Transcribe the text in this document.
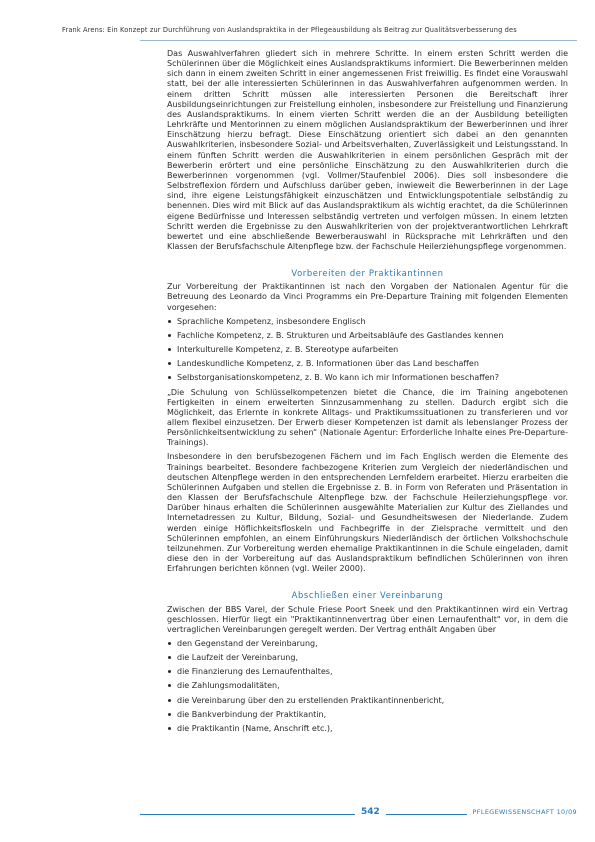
Frank Arens: Ein Konzept zur Durchführung von Auslandspraktika in der Pflegeausbildung als Beitrag zur Qualitätsverbesserung des

Das Auswahlverfahren gliedert sich in mehrere Schritte. In einem ersten Schritt werden die Schülerinnen über die Möglichkeit eines Auslandspraktikums informiert. Die Bewerberinnen melden sich dann in einem zweiten Schritt in einer angemessenen Frist freiwillig. Es findet eine Vorauswahl statt, bei der alle interessierten Schülerinnen in das Auswahlverfahren aufgenommen werden. In einem dritten Schritt müssen alle interessierten Personen die Bereitschaft ihrer Ausbildungseinrichtungen zur Freistellung einholen, insbesondere zur Freistellung und Finanzierung des Auslandspraktikums. In einem vierten Schritt werden die an der Ausbildung beteiligten Lehrkräfte und Mentorinnen zu einem möglichen Auslandspraktikum der Bewerberinnen und ihrer Einschätzung hierzu befragt. Diese Einschätzung orientiert sich dabei an den genannten Auswahlkriterien, insbesondere Sozial- und Arbeitsverhalten, Zuverlässigkeit und Leistungsstand. In einem fünften Schritt werden die Auswahlkriterien in einem persönlichen Gespräch mit der Bewerberin erörtert und eine persönliche Einschätzung zu den Auswahlkriterien durch die Bewerberinnen vorgenommen (vgl. Vollmer/Staufenbiel 2006). Dies soll insbesondere die Selbstreflexion fördern und Aufschluss darüber geben, inwieweit die Bewerberinnen in der Lage sind, ihre eigene Leistungsfähigkeit einzuschätzen und Entwicklungspotentiale selbständig zu benennen. Dies wird mit Blick auf das Auslandspraktikum als wichtig erachtet, da die Schülerinnen eigene Bedürfnisse und Interessen selbständig vertreten und verfolgen müssen. In einem letzten Schritt werden die Ergebnisse zu den Auswahlkriterien von der projektverantwortlichen Lehrkraft bewertet und eine abschließende Bewerberauswahl in Rücksprache mit Lehrkräften und den Klassen der Berufsfachschule Altenpflege bzw. der Fachschule Heilerziehungspflege vorgenommen.

Vorbereiten der Praktikantinnen

Zur Vorbereitung der Praktikantinnen ist nach den Vorgaben der Nationalen Agentur für die Betreuung des Leonardo da Vinci Programms ein Pre-Departure Training mit folgenden Elementen vorgesehen:

Sprachliche Kompetenz, insbesondere Englisch
Fachliche Kompetenz, z. B. Strukturen und Arbeitsabläufe des Gastlandes kennen
Interkulturelle Kompetenz, z. B. Stereotype aufarbeiten
Landeskundliche Kompetenz, z. B. Informationen über das Land beschaffen
Selbstorganisationskompetenz, z. B. Wo kann ich mir Informationen beschaffen?

„Die Schulung von Schlüsselkompetenzen bietet die Chance, die im Training angebotenen Fertigkeiten in einem erweiterten Sinnzusammenhang zu stellen. Dadurch ergibt sich die Möglichkeit, das Erlernte in konkrete Alltags- und Praktikumssituationen zu transferieren und vor allem flexibel einzusetzen. Der Erwerb dieser Kompetenzen ist damit als lebenslanger Prozess der Persönlichkeitsentwicklung zu sehen“ (Nationale Agentur: Erforderliche Inhalte eines Pre-Departure-Trainings).

Insbesondere in den berufsbezogenen Fächern und im Fach Englisch werden die Elemente des Trainings bearbeitet. Besondere fachbezogene Kriterien zum Vergleich der niederländischen und deutschen Altenpflege werden in den entsprechenden Lernfeldern erarbeitet. Hierzu erarbeiten die Schülerinnen Aufgaben und stellen die Ergebnisse z. B. in Form von Referaten und Präsentation in den Klassen der Berufsfachschule Altenpflege bzw. der Fachschule Heilerziehungspflege vor. Darüber hinaus erhalten die Schülerinnen ausgewählte Materialien zur Kultur des Ziellandes und Internetadressen zu Kultur, Bildung, Sozial- und Gesundheitswesen der Niederlande. Zudem werden einige Höflichkeitsfloskeln und Fachbegriffe in der Zielsprache vermittelt und den Schülerinnen empfohlen, an einem Einführungskurs Niederländisch der örtlichen Volkshochschule teilzunehmen. Zur Vorbereitung werden ehemalige Praktikantinnen in die Schule eingeladen, damit diese den in der Vorbereitung auf das Auslandspraktikum befindlichen Schülerinnen von ihren Erfahrungen berichten können (vgl. Weiler 2000).

Abschließen einer Vereinbarung

Zwischen der BBS Varel, der Schule Friese Poort Sneek und den Praktikantinnen wird ein Vertrag geschlossen. Hierfür liegt ein "Praktikantinnenvertrag über einen Lernaufenthalt" vor, in dem die vertraglichen Vereinbarungen geregelt werden. Der Vertrag enthält Angaben über

den Gegenstand der Vereinbarung,
die Laufzeit der Vereinbarung,
die Finanzierung des Lernaufenthaltes,
die Zahlungsmodalitäten,
die Vereinbarung über den zu erstellenden Praktikantinnenbericht,
die Bankverbindung der Praktikantin,
die Praktikantin (Name, Anschrift etc.),
542	PFLEGEWISSENSCHAFT 10/09
